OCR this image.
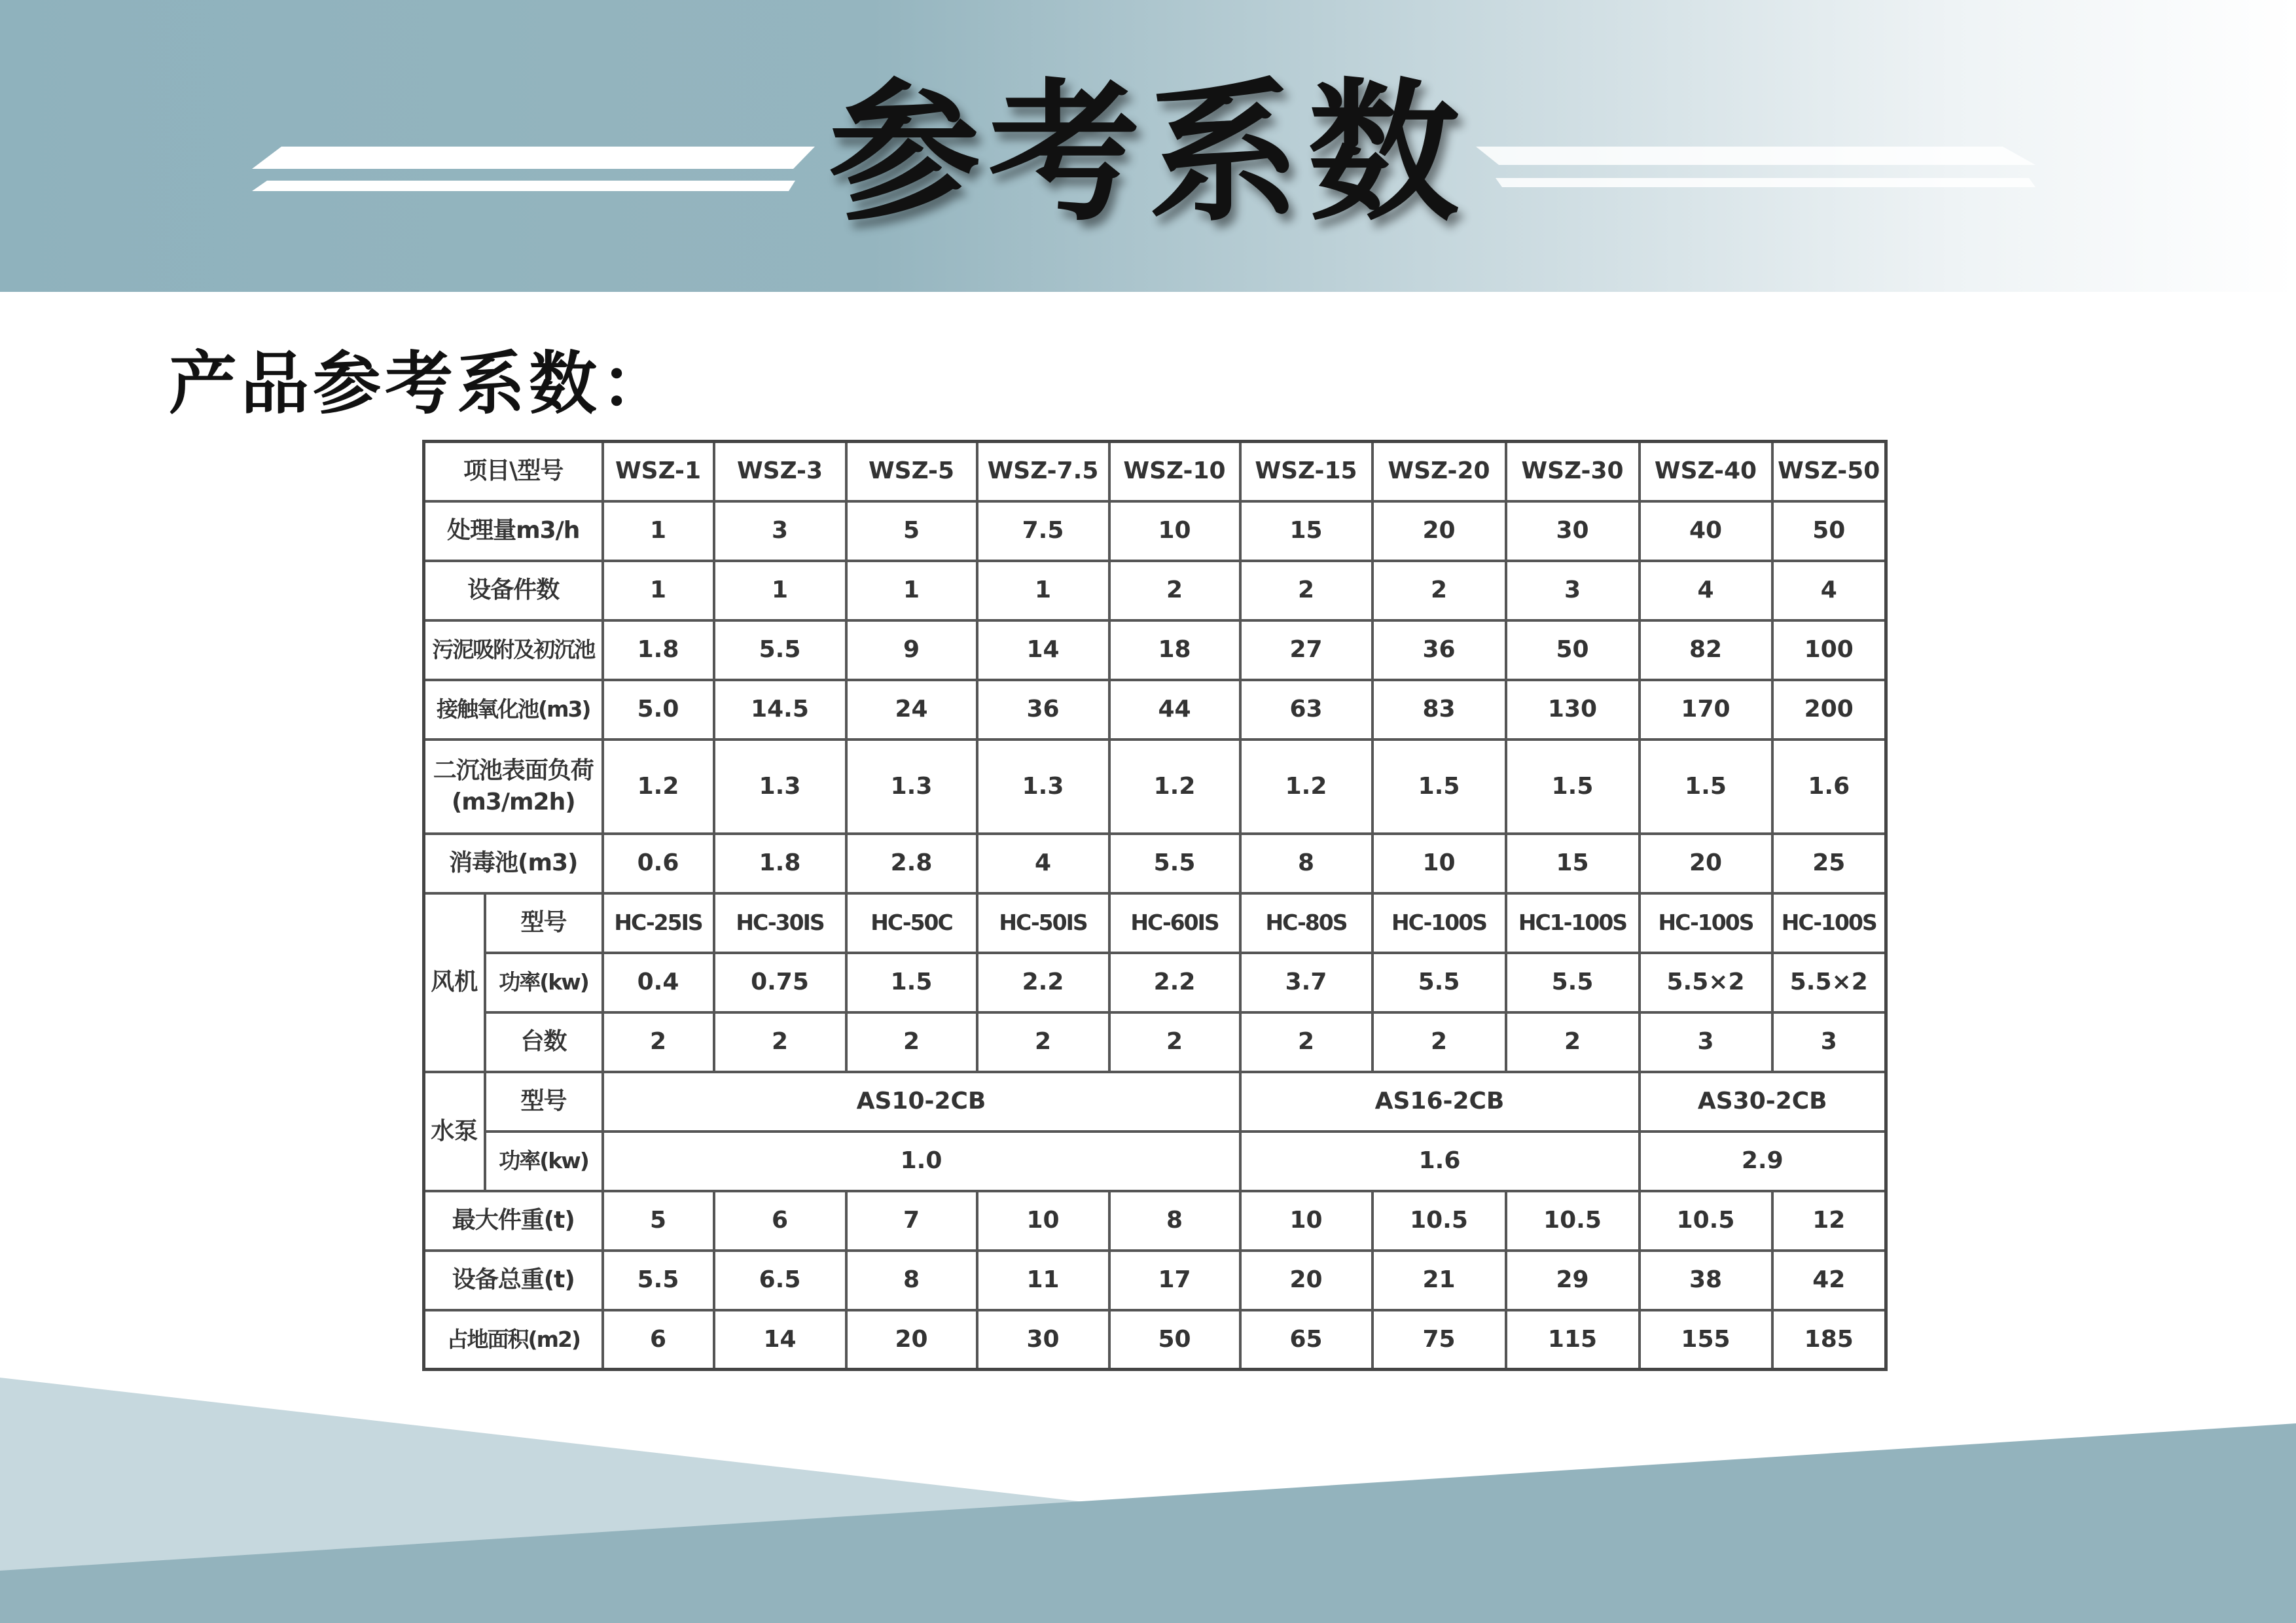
参考系数
产品参考系数：
项目\型号		WSZ-1	WSZ-3	WSZ-5	WSZ-7.5	WSZ-10	WSZ-15	WSZ-20	WSZ-30	WSZ-40	WSZ-50
处理量m3/h		1	3	5	7.5	10	15	20	30	40	50
设备件数		1	1	1	1	2	2	2	3	4	4
污泥吸附及初沉池		1.8	5.5	9	14	18	27	36	50	82	100
接触氧化池(m3)		5.0	14.5	24	36	44	63	83	130	170	200
二沉池表面负荷(m3/m2h)		1.2	1.3	1.3	1.3	1.2	1.2	1.5	1.5	1.5	1.6
消毒池(m3)		0.6	1.8	2.8	4	5.5	8	10	15	20	25
风机	型号	HC-25IS	HC-30IS	HC-50C	HC-50IS	HC-60IS	HC-80S	HC-100S	HC1-100S	HC-100S	HC-100S
	功率(kw)	0.4	0.75	1.5	2.2	2.2	3.7	5.5	5.5	5.5×2	5.5×2
	台数	2	2	2	2	2	2	2	2	3	3
水泵	型号	AS10-2CB					AS16-2CB			AS30-2CB	
	功率(kw)	1.0					1.6			2.9	
最大件重(t)		5	6	7	10	8	10	10.5	10.5	10.5	12
设备总重(t)		5.5	6.5	8	11	17	20	21	29	38	42
占地面积(m2)		6	14	20	30	50	65	75	115	155	185
